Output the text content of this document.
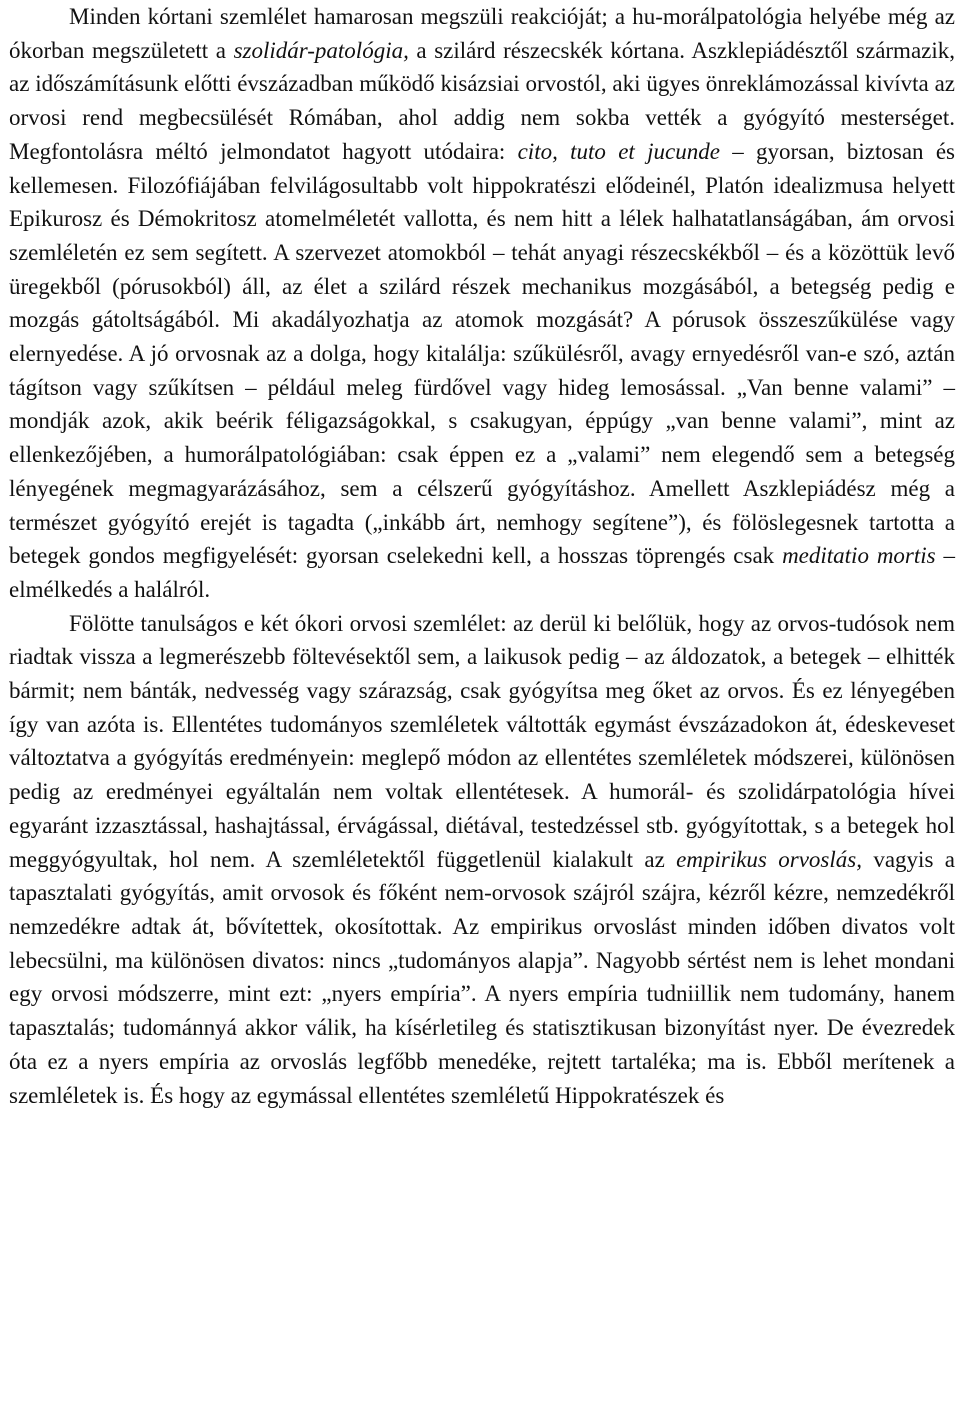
Minden kórtani szemlélet hamarosan megszüli reakcióját; a hu-morálpatológia helyébe még az ókorban megszületett a szolidár-patológia, a szilárd részecskék kórtana. Aszklepiádésztől származik, az időszámításunk előtti évszázadban működő kisázsiai orvostól, aki ügyes önreklámozással kivívta az orvosi rend megbecsülését Rómában, ahol addig nem sokba vették a gyógyító mesterséget. Megfontolásra méltó jelmondatot hagyott utódaira: cito, tuto et jucunde – gyorsan, biztosan és kellemesen. Filozófiájában felvilágosultabb volt hippokratészi elődeinél, Platón idealizmusa helyett Epikurosz és Démokritosz atomelméletét vallotta, és nem hitt a lélek halhatatlanságában, ám orvosi szemléletén ez sem segített. A szervezet atomokból – tehát anyagi részecskékből – és a közöttük levő üregekből (pórusokból) áll, az élet a szilárd részek mechanikus mozgásából, a betegség pedig e mozgás gátoltságából. Mi akadályozhatja az atomok mozgását? A pórusok összeszűkülése vagy elernyedése. A jó orvosnak az a dolga, hogy kitalálja: szűkülésről, avagy ernyedésről van-e szó, aztán tágítson vagy szűkítsen – például meleg fürdővel vagy hideg lemosással. „Van benne valami” – mondják azok, akik beérik féligazságokkal, s csakugyan, éppúgy „van benne valami”, mint az ellenkezőjében, a humorálpatológiában: csak éppen ez a „valami” nem elegendő sem a betegség lényegének megmagyarázásához, sem a célszerű gyógyításhoz. Amellett Aszklepiádész még a természet gyógyító erejét is tagadta („inkább árt, nemhogy segítene”), és fölöslegesnek tartotta a betegek gondos megfigyelését: gyorsan cselekedni kell, a hosszas töprengés csak meditatio mortis – elmélkedés a halálról.

Fölötte tanulságos e két ókori orvosi szemlélet: az derül ki belőlük, hogy az orvos-tudósok nem riadtak vissza a legmerészebb föltevésektől sem, a laikusok pedig – az áldozatok, a betegek – elhitték bármit; nem bánták, nedvesség vagy szárazság, csak gyógyítsa meg őket az orvos. És ez lényegében így van azóta is. Ellentétes tudományos szemléletek váltották egymást évszázadokon át, édeskeveset változtatva a gyógyítás eredményein: meglepő módon az ellentétes szemléletek módszerei, különösen pedig az eredményei egyáltalán nem voltak ellentétesek. A humorál- és szolidárpatológia hívei egyaránt izzasztással, hashajtással, érvágással, diétával, testedzéssel stb. gyógyítottak, s a betegek hol meggyógyultak, hol nem. A szemléletektől függetlenül kialakult az empirikus orvoslás, vagyis a tapasztalati gyógyítás, amit orvosok és főként nem-orvosok szájról szájra, kézről kézre, nemzedékről nemzedékre adtak át, bővítettek, okosítottak. Az empirikus orvoslást minden időben divatos volt lebecsülni, ma különösen divatos: nincs „tudományos alapja”. Nagyobb sértést nem is lehet mondani egy orvosi módszerre, mint ezt: „nyers empíria”. A nyers empíria tudniillik nem tudomány, hanem tapasztalás; tudománnyá akkor válik, ha kísérletileg és statisztikusan bizonyítást nyer. De évezredek óta ez a nyers empíria az orvoslás legfőbb menedéke, rejtett tartaléka; ma is. Ebből merítenek a szemléletek is. És hogy az egymással ellentétes szemléletű Hippokratészek és
